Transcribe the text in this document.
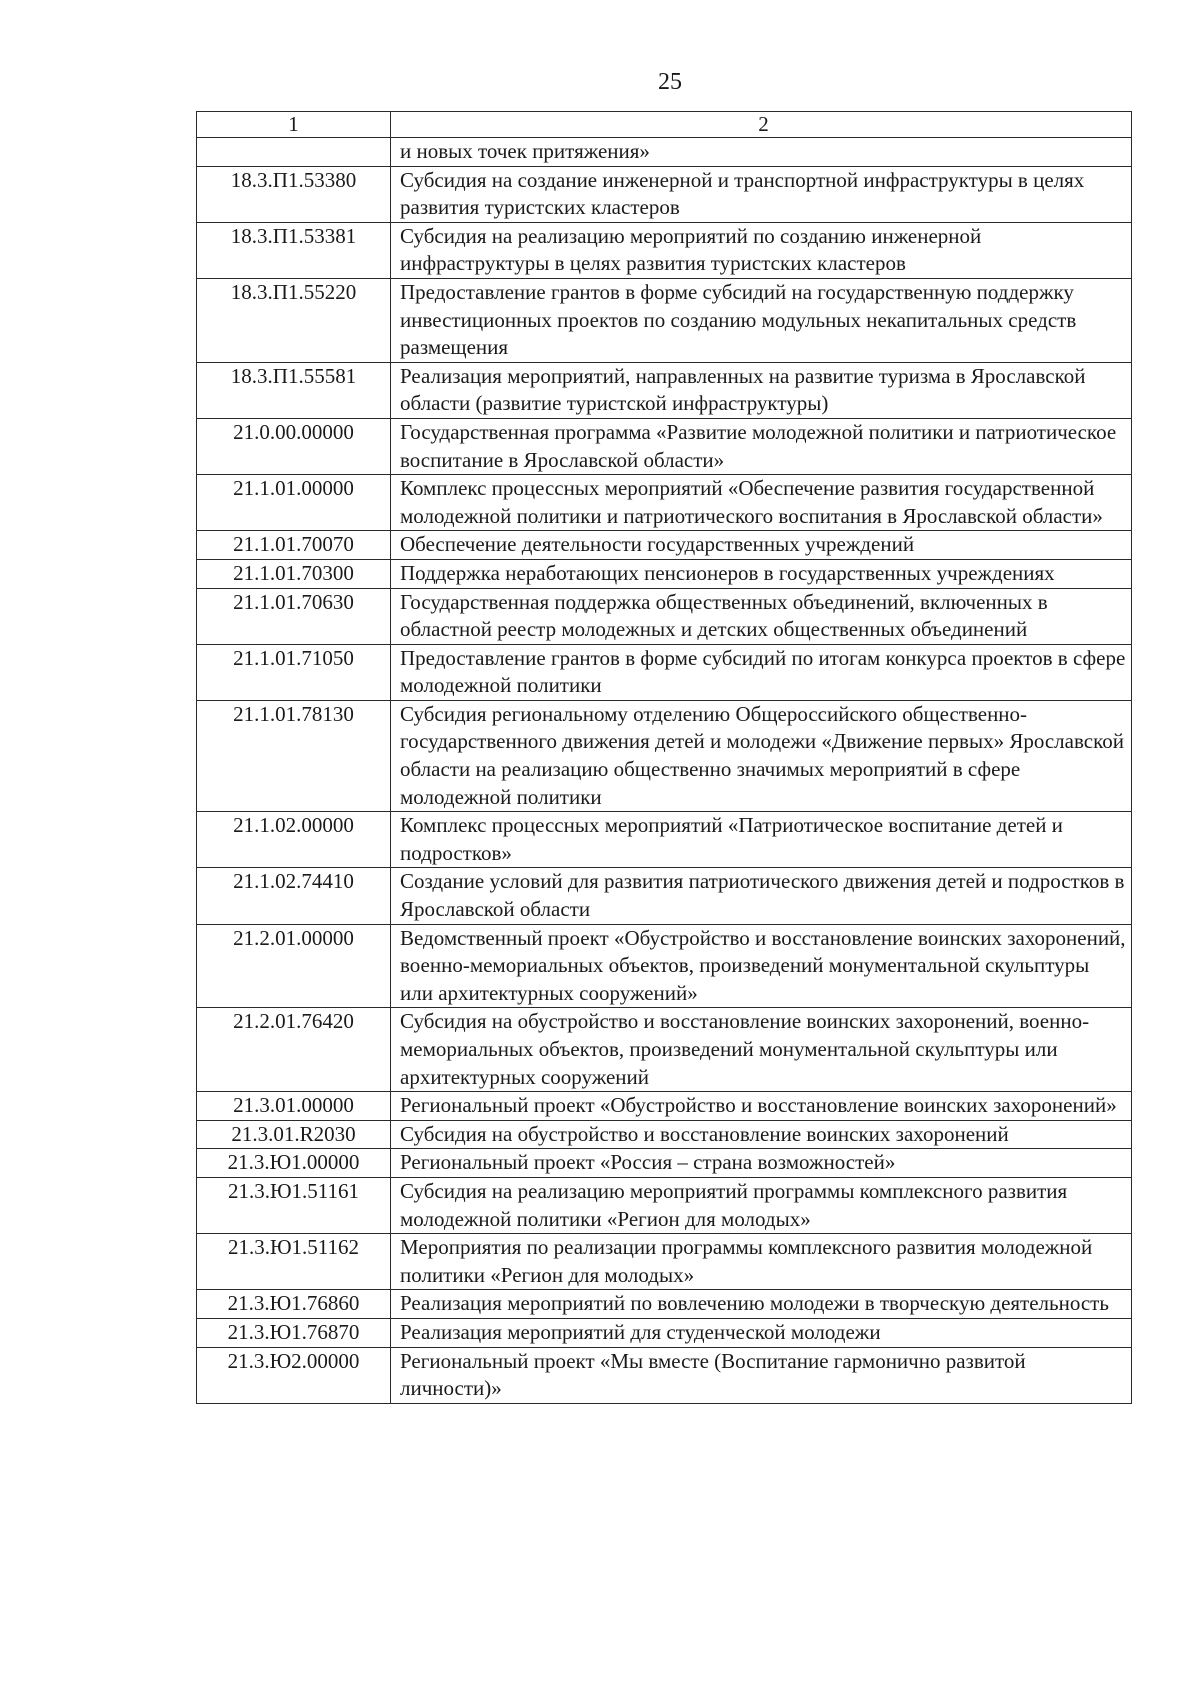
25
1	2
	и новых точек притяжения»
18.3.П1.53380	Субсидия на создание инженерной и транспортной инфраструктуры в целях развития туристских кластеров
18.3.П1.53381	Субсидия на реализацию мероприятий по созданию инженерной инфраструктуры в целях развития туристских кластеров
18.3.П1.55220	Предоставление грантов в форме субсидий на государственную поддержку инвестиционных проектов по созданию модульных некапитальных средств размещения
18.3.П1.55581	Реализация мероприятий, направленных на развитие туризма в Ярославской области (развитие туристской инфраструктуры)
21.0.00.00000	Государственная программа «Развитие молодежной политики и патриотическое воспитание в Ярославской области»
21.1.01.00000	Комплекс процессных мероприятий «Обеспечение развития государственной молодежной политики и патриотического воспитания в Ярославской области»
21.1.01.70070	Обеспечение деятельности государственных учреждений
21.1.01.70300	Поддержка неработающих пенсионеров в государственных учреждениях
21.1.01.70630	Государственная поддержка общественных объединений, включенных в областной реестр молодежных и детских общественных объединений
21.1.01.71050	Предоставление грантов в форме субсидий по итогам конкурса проектов в сфере молодежной политики
21.1.01.78130	Субсидия региональному отделению Общероссийского общественно-государственного движения детей и молодежи «Движение первых» Ярославской области на реализацию общественно значимых мероприятий в сфере молодежной политики
21.1.02.00000	Комплекс процессных мероприятий «Патриотическое воспитание детей и подростков»
21.1.02.74410	Создание условий для развития патриотического движения детей и подростков в Ярославской области
21.2.01.00000	Ведомственный проект «Обустройство и восстановление воинских захоронений, военно-мемориальных объектов, произведений монументальной скульптуры или архитектурных сооружений»
21.2.01.76420	Субсидия на обустройство и восстановление воинских захоронений, военно-мемориальных объектов, произведений монументальной скульптуры или архитектурных сооружений
21.3.01.00000	Региональный проект «Обустройство и восстановление воинских захоронений»
21.3.01.R2030	Субсидия на обустройство и восстановление воинских захоронений
21.3.Ю1.00000	Региональный проект «Россия – страна возможностей»
21.3.Ю1.51161	Субсидия на реализацию мероприятий программы комплексного развития молодежной политики «Регион для молодых»
21.3.Ю1.51162	Мероприятия по реализации программы комплексного развития молодежной политики «Регион для молодых»
21.3.Ю1.76860	Реализация мероприятий по вовлечению молодежи в творческую деятельность
21.3.Ю1.76870	Реализация мероприятий для студенческой молодежи
21.3.Ю2.00000	Региональный проект «Мы вместе (Воспитание гармонично развитой личности)»
